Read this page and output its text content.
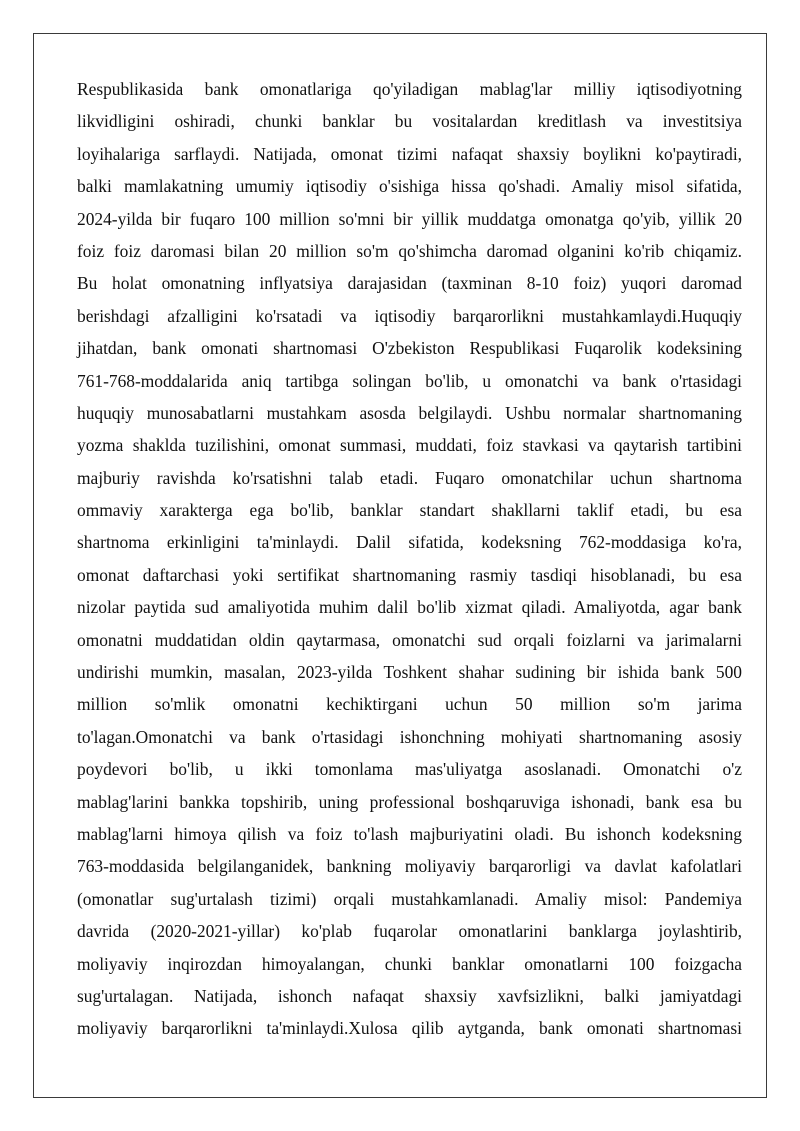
Respublikasida bank omonatlariga qo'yiladigan mablag'lar milliy iqtisodiyotning
likvidligini oshiradi, chunki banklar bu vositalardan kreditlash va investitsiya
loyihalariga sarflaydi. Natijada, omonat tizimi nafaqat shaxsiy boylikni ko'paytiradi,
balki mamlakatning umumiy iqtisodiy o'sishiga hissa qo'shadi. Amaliy misol sifatida,
2024-yilda bir fuqaro 100 million so'mni bir yillik muddatga omonatga qo'yib, yillik 20
foiz foiz daromasi bilan 20 million so'm qo'shimcha daromad olganini ko'rib chiqamiz.
Bu holat omonatning inflyatsiya darajasidan (taxminan 8-10 foiz) yuqori daromad
berishdagi afzalligini ko'rsatadi va iqtisodiy barqarorlikni mustahkamlaydi.Huquqiy
jihatdan, bank omonati shartnomasi O'zbekiston Respublikasi Fuqarolik kodeksining
761-768-moddalarida aniq tartibga solingan bo'lib, u omonatchi va bank o'rtasidagi
huquqiy munosabatlarni mustahkam asosda belgilaydi. Ushbu normalar shartnomaning
yozma shaklda tuzilishini, omonat summasi, muddati, foiz stavkasi va qaytarish tartibini
majburiy ravishda ko'rsatishni talab etadi. Fuqaro omonatchilar uchun shartnoma
ommaviy xarakterga ega bo'lib, banklar standart shakllarni taklif etadi, bu esa
shartnoma erkinligini ta'minlaydi. Dalil sifatida, kodeksning 762-moddasiga ko'ra,
omonat daftarchasi yoki sertifikat shartnomaning rasmiy tasdiqi hisoblanadi, bu esa
nizolar paytida sud amaliyotida muhim dalil bo'lib xizmat qiladi. Amaliyotda, agar bank
omonatni muddatidan oldin qaytarmasa, omonatchi sud orqali foizlarni va jarimalarni
undirishi mumkin, masalan, 2023-yilda Toshkent shahar sudining bir ishida bank 500
million so'mlik omonatni kechiktirgani uchun 50 million so'm jarima
to'lagan.Omonatchi va bank o'rtasidagi ishonchning mohiyati shartnomaning asosiy
poydevori bo'lib, u ikki tomonlama mas'uliyatga asoslanadi. Omonatchi o'z
mablag'larini bankka topshirib, uning professional boshqaruviga ishonadi, bank esa bu
mablag'larni himoya qilish va foiz to'lash majburiyatini oladi. Bu ishonch kodeksning
763-moddasida belgilanganidek, bankning moliyaviy barqarorligi va davlat kafolatlari
(omonatlar sug'urtalash tizimi) orqali mustahkamlanadi. Amaliy misol: Pandemiya
davrida (2020-2021-yillar) ko'plab fuqarolar omonatlarini banklarga joylashtirib,
moliyaviy inqirozdan himoyalangan, chunki banklar omonatlarni 100 foizgacha
sug'urtalagan. Natijada, ishonch nafaqat shaxsiy xavfsizlikni, balki jamiyatdagi
moliyaviy barqarorlikni ta'minlaydi.Xulosa qilib aytganda, bank omonati shartnomasi
